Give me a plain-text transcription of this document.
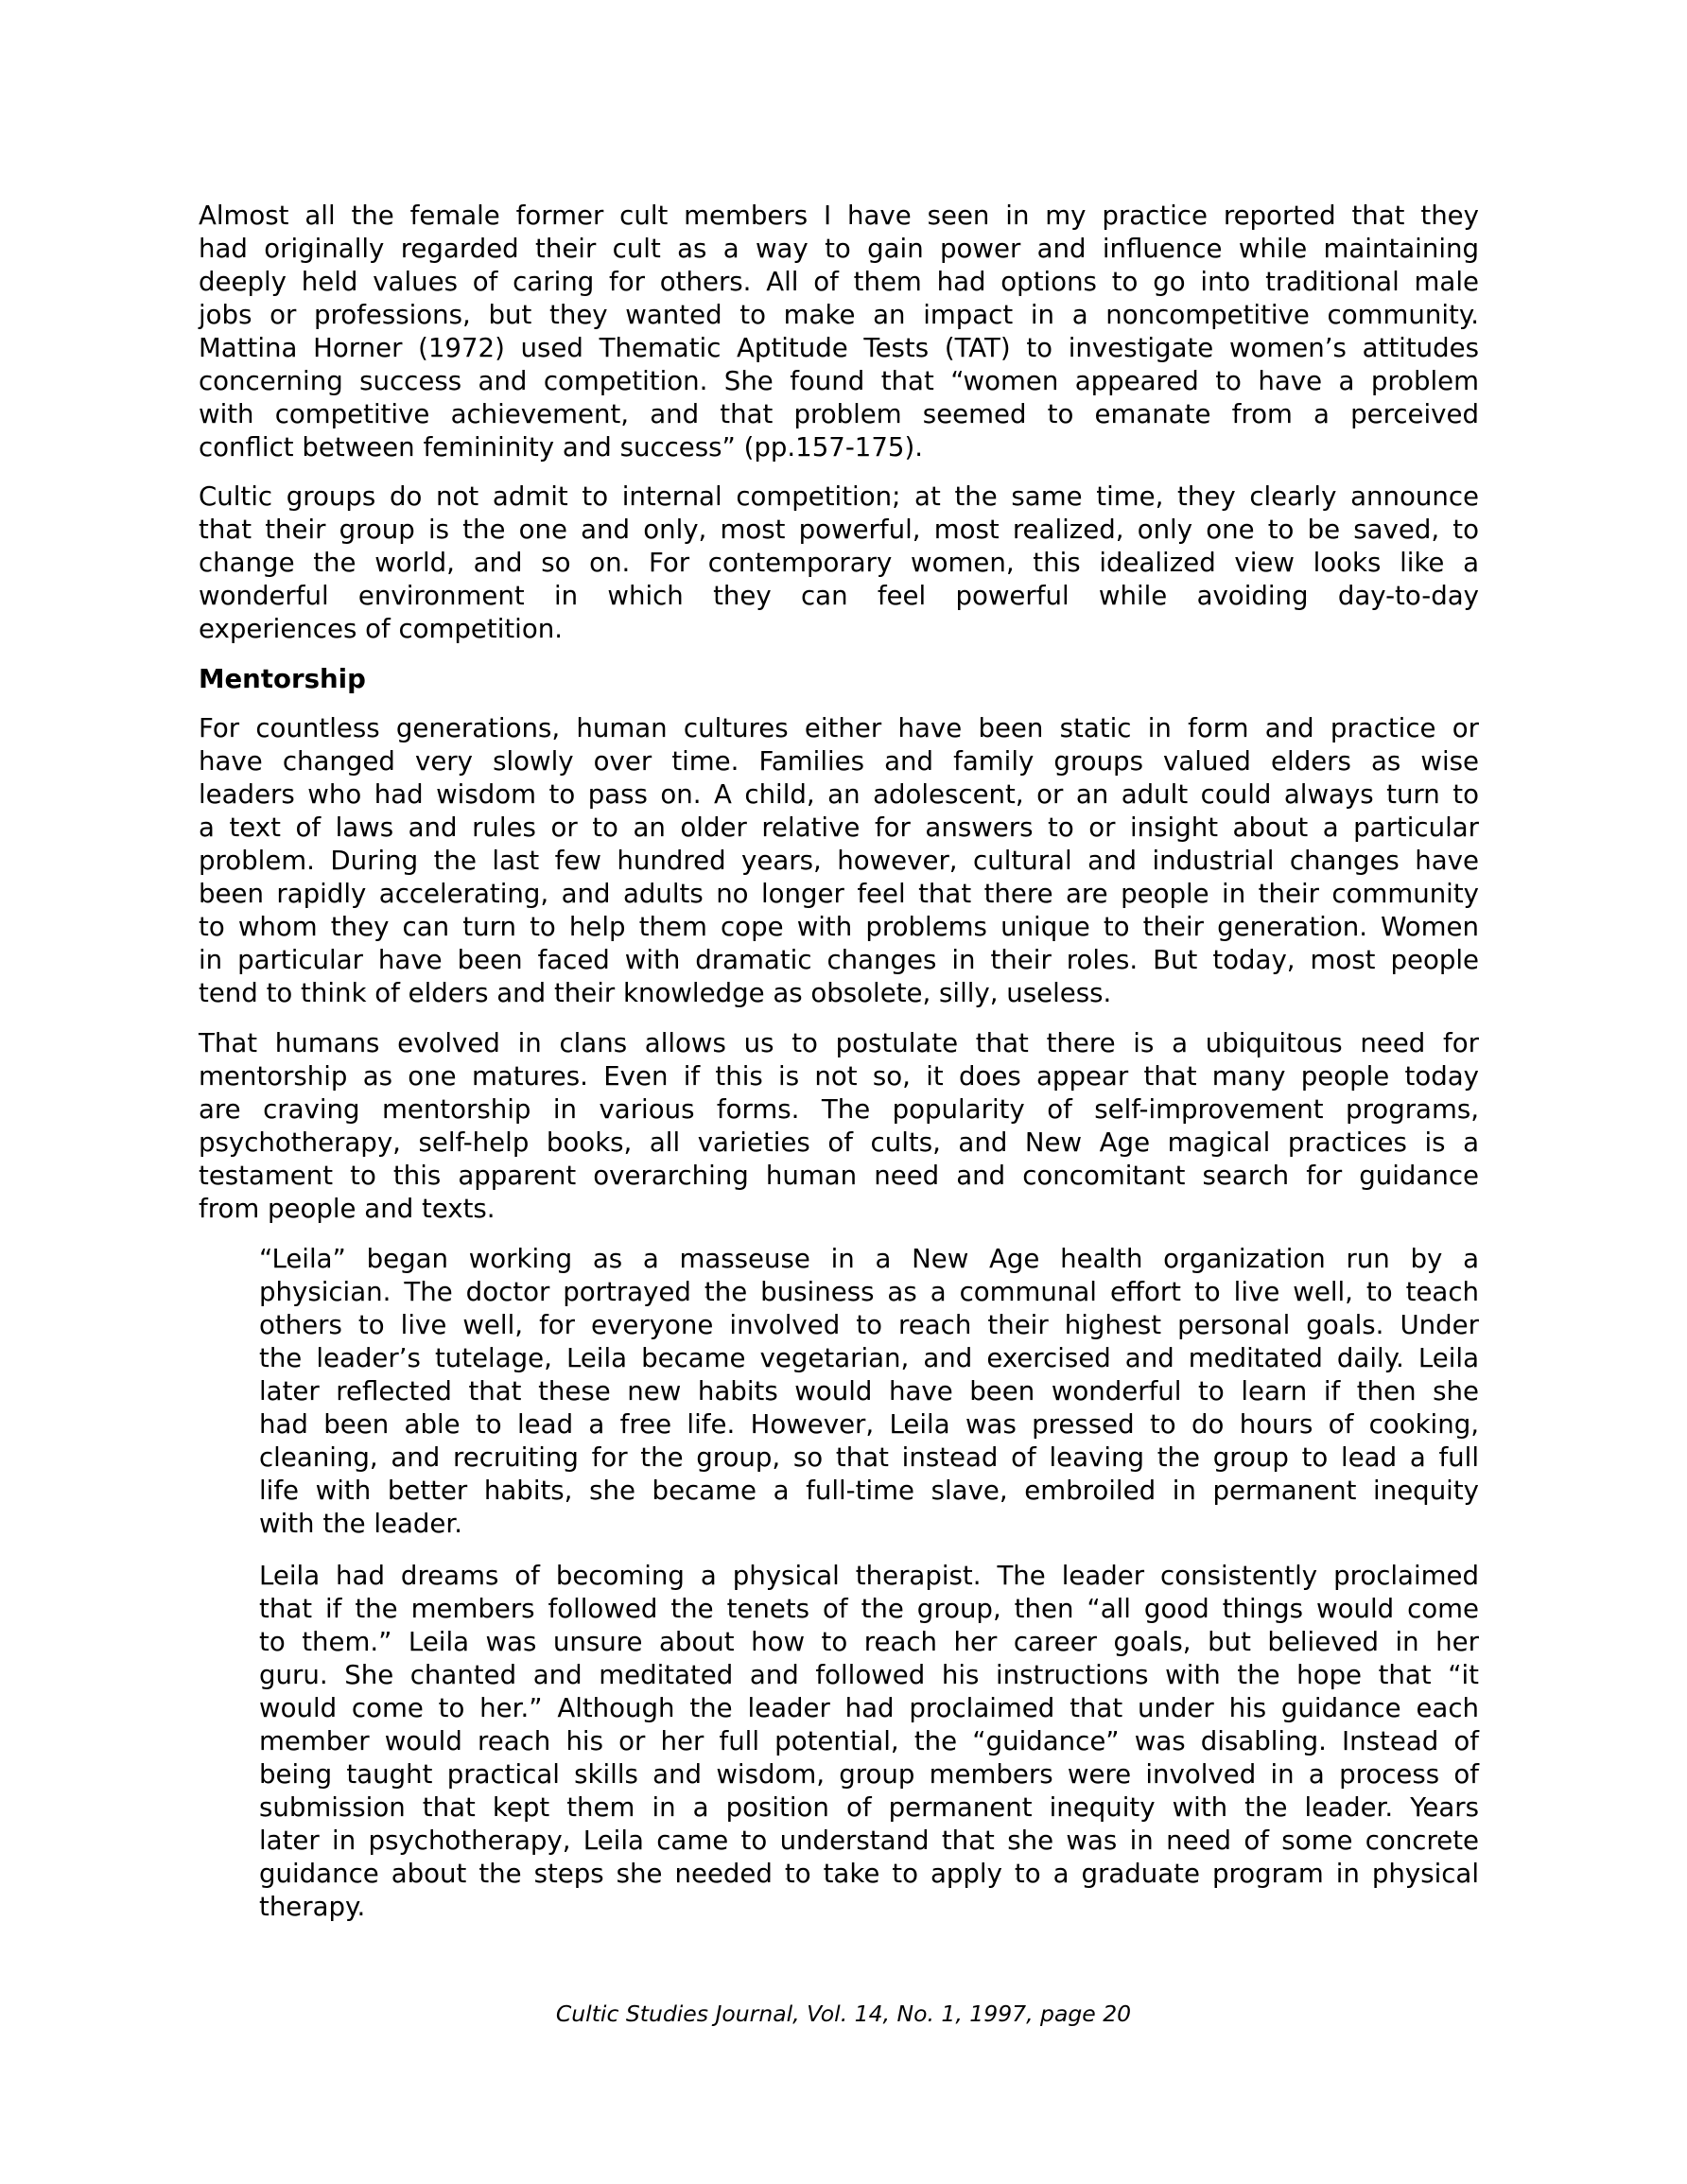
Almost all the female former cult members I have seen in my practice reported that they
had originally regarded their cult as a way to gain power and influence while maintaining
deeply held values of caring for others. All of them had options to go into traditional male
jobs or professions, but they wanted to make an impact in a noncompetitive community.
Mattina Horner (1972) used Thematic Aptitude Tests (TAT) to investigate women’s attitudes
concerning success and competition. She found that “women appeared to have a problem
with competitive achievement, and that problem seemed to emanate from a perceived
conflict between femininity and success” (pp.157-175).
Cultic groups do not admit to internal competition; at the same time, they clearly announce
that their group is the one and only, most powerful, most realized, only one to be saved, to
change the world, and so on. For contemporary women, this idealized view looks like a
wonderful environment in which they can feel powerful while avoiding day-to-day
experiences of competition.
Mentorship
For countless generations, human cultures either have been static in form and practice or
have changed very slowly over time. Families and family groups valued elders as wise
leaders who had wisdom to pass on. A child, an adolescent, or an adult could always turn to
a text of laws and rules or to an older relative for answers to or insight about a particular
problem. During the last few hundred years, however, cultural and industrial changes have
been rapidly accelerating, and adults no longer feel that there are people in their community
to whom they can turn to help them cope with problems unique to their generation. Women
in particular have been faced with dramatic changes in their roles. But today, most people
tend to think of elders and their knowledge as obsolete, silly, useless.
That humans evolved in clans allows us to postulate that there is a ubiquitous need for
mentorship as one matures. Even if this is not so, it does appear that many people today
are craving mentorship in various forms. The popularity of self-improvement programs,
psychotherapy, self-help books, all varieties of cults, and New Age magical practices is a
testament to this apparent overarching human need and concomitant search for guidance
from people and texts.
“Leila” began working as a masseuse in a New Age health organization run by a
physician. The doctor portrayed the business as a communal effort to live well, to teach
others to live well, for everyone involved to reach their highest personal goals. Under
the leader’s tutelage, Leila became vegetarian, and exercised and meditated daily. Leila
later reflected that these new habits would have been wonderful to learn if then she
had been able to lead a free life. However, Leila was pressed to do hours of cooking,
cleaning, and recruiting for the group, so that instead of leaving the group to lead a full
life with better habits, she became a full-time slave, embroiled in permanent inequity
with the leader.
Leila had dreams of becoming a physical therapist. The leader consistently proclaimed
that if the members followed the tenets of the group, then “all good things would come
to them.” Leila was unsure about how to reach her career goals, but believed in her
guru. She chanted and meditated and followed his instructions with the hope that “it
would come to her.” Although the leader had proclaimed that under his guidance each
member would reach his or her full potential, the “guidance” was disabling. Instead of
being taught practical skills and wisdom, group members were involved in a process of
submission that kept them in a position of permanent inequity with the leader. Years
later in psychotherapy, Leila came to understand that she was in need of some concrete
guidance about the steps she needed to take to apply to a graduate program in physical
therapy.
Cultic Studies Journal, Vol. 14, No. 1, 1997, page 20
